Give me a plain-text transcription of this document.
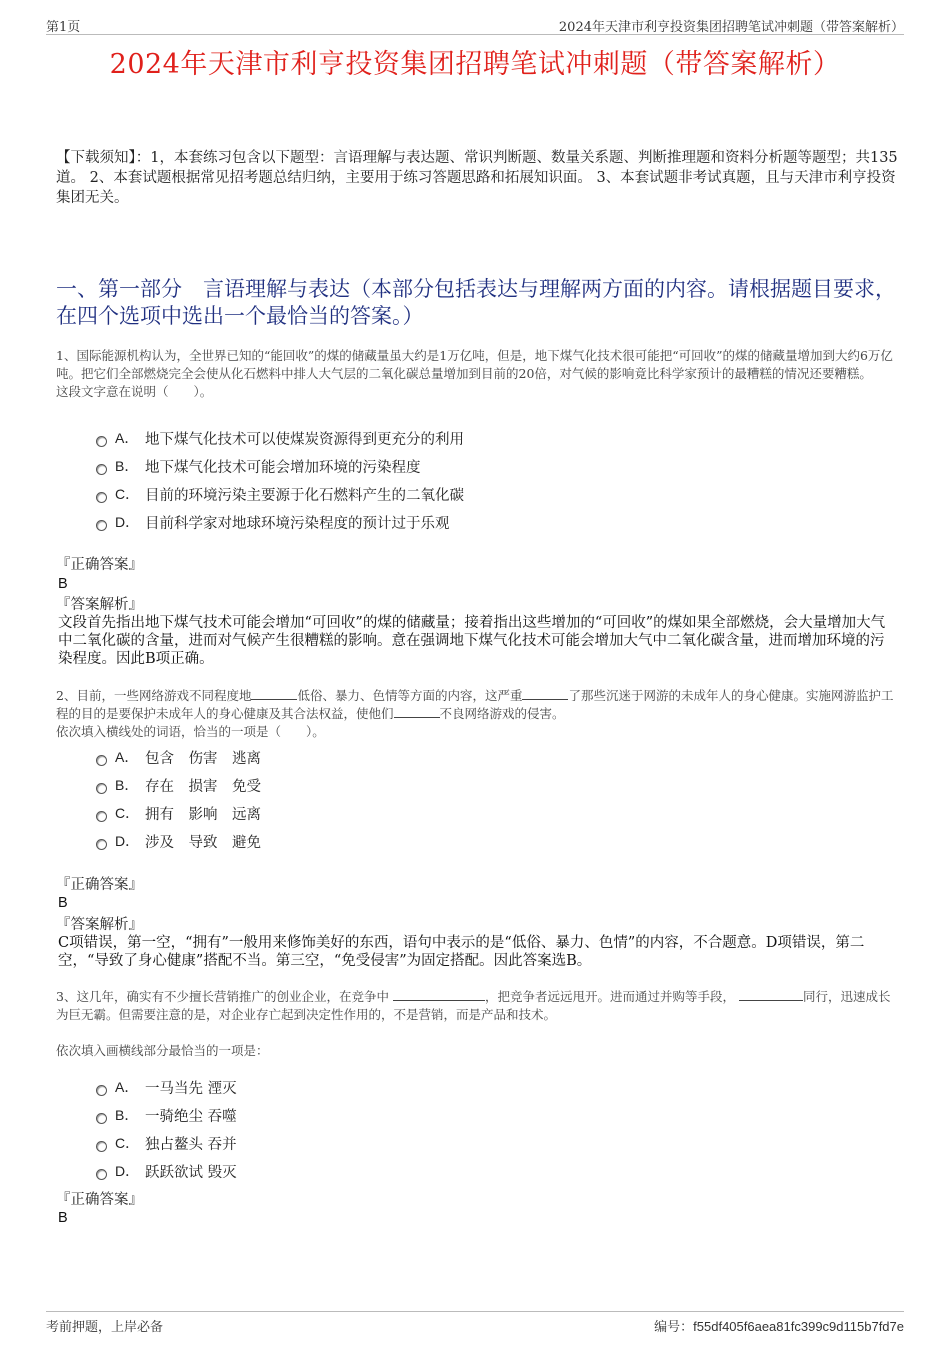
第1页	2024年天津市利亨投资集团招聘笔试冲刺题（带答案解析）
2024年天津市利亨投资集团招聘笔试冲刺题（带答案解析）
【下载须知】：1，本套练习包含以下题型：言语理解与表达题、常识判断题、数量关系题、判断推理题和资料分析题等题型；共135道。 2、本套试题根据常见招考题总结归纳，主要用于练习答题思路和拓展知识面。 3、本套试题非考试真题，且与天津市利亨投资集团无关。
一、第一部分　言语理解与表达（本部分包括表达与理解两方面的内容。请根据题目要求，在四个选项中选出一个最恰当的答案。）

1、国际能源机构认为，全世界已知的“能回收”的煤的储藏量虽大约是1万亿吨，但是，地下煤气化技术很可能把“可回收”的煤的储藏量增加到大约6万亿吨。把它们全部燃烧完全会使从化石燃料中排人大气层的二氧化碳总量增加到目前的20倍，对气候的影响竟比科学家预计的最糟糕的情况还要糟糕。

这段文字意在说明（　　）。

A． 地下煤气化技术可以使煤炭资源得到更充分的利用
B． 地下煤气化技术可能会增加环境的污染程度
C． 目前的环境污染主要源于化石燃料产生的二氧化碳
D． 目前科学家对地球环境污染程度的预计过于乐观
『正确答案』
B
『答案解析』
文段首先指出地下煤气技术可能会增加“可回收”的煤的储藏量；接着指出这些增加的“可回收”的煤如果全部燃烧，会大量增加大气中二氧化碳的含量，进而对气候产生很糟糕的影响。意在强调地下煤气化技术可能会增加大气中二氧化碳含量，进而增加环境的污染程度。因此B项正确。

2、目前，一些网络游戏不同程度地	低俗、暴力、色情等方面的内容，这严重	了那些沉迷于网游的未成年人的身心健康。实施网游监护工程的目的是要保护未成年人的身心健康及其合法权益，使他们	不良网络游戏的侵害。

依次填入横线处的词语，恰当的一项是（　　）。

A． 包含　伤害　逃离
B． 存在　损害　免受
C． 拥有　影响　远离
D． 涉及　导致　避免
『正确答案』
B
『答案解析』
C项错误，第一空，“拥有”一般用来修饰美好的东西，语句中表示的是“低俗、暴力、色情”的内容，不合题意。D项错误，第二空，“导致了身心健康”搭配不当。第三空，“免受侵害”为固定搭配。因此答案选B。

3、这几年，确实有不少擅长营销推广的创业企业，在竞争中	，把竞争者远远甩开。进而通过并购等手段，	同行，迅速成长为巨无霸。但需要注意的是，对企业存亡起到决定性作用的，不是营销，而是产品和技术。

依次填入画横线部分最恰当的一项是：

A． 一马当先 湮灭
B． 一骑绝尘 吞噬
C． 独占鳌头 吞并
D． 跃跃欲试 毁灭
『正确答案』
B
考前押题，上岸必备	编号：f55df405f6aea81fc399c9d115b7fd7e
